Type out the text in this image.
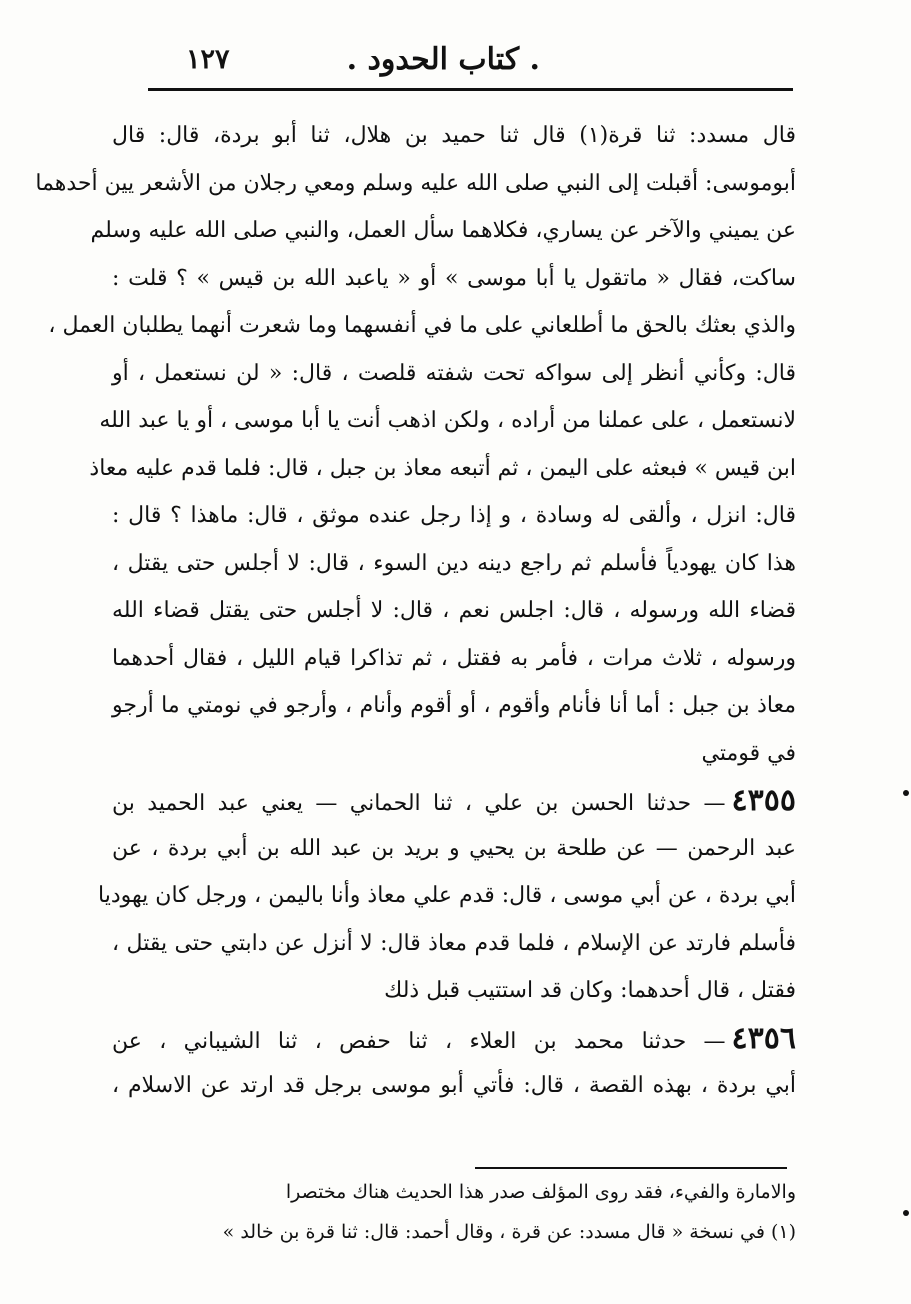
١٢٧	. كتاب الحدود .
قال مسدد: ثنا قرة(١) قال ثنا حميد بن هلال، ثنا أبو بردة، قال: قال
أبوموسى: أقبلت إلى النبي صلى الله عليه وسلم ومعي رجلان من الأشعر يين أحدهما
عن يميني والآخر عن يساري، فكلاهما سأل العمل، والنبي صلى الله عليه وسلم
ساكت، فقال « ماتقول يا أبا موسى » أو « ياعبد الله بن قيس » ؟ قلت :
والذي بعثك بالحق ما أطلعاني على ما في أنفسهما وما شعرت أنهما يطلبان العمل ،
قال: وكأني أنظر إلى سواكه تحت شفته قلصت ، قال: « لن نستعمل ، أو
لانستعمل ، على عملنا من أراده ، ولكن اذهب أنت يا أبا موسى ، أو يا عبد الله
ابن قيس » فبعثه على اليمن ، ثم أتبعه معاذ بن جبل ، قال: فلما قدم عليه معاذ
قال: انزل ، وألقى له وسادة ، و إذا رجل عنده موثق ، قال: ماهذا ؟ قال :
هذا كان يهودياً فأسلم ثم راجع دينه دين السوء ، قال: لا أجلس حتى يقتل ،
قضاء الله ورسوله ، قال: اجلس نعم ، قال: لا أجلس حتى يقتل قضاء الله
ورسوله ، ثلاث مرات ، فأمر به فقتل ، ثم تذاكرا قيام الليل ، فقال أحدهما
معاذ بن جبل : أما أنا فأنام وأقوم ، أو أقوم وأنام ، وأرجو في نومتي ما أرجو
في قومتي
٤٣٥٥— حدثنا الحسن بن علي ، ثنا الحماني — يعني عبد الحميد بن
عبد الرحمن — عن طلحة بن يحيي و بريد بن عبد الله بن أبي بردة ، عن
أبي بردة ، عن أبي موسى ، قال: قدم علي معاذ وأنا باليمن ، ورجل كان يهوديا
فأسلم فارتد عن الإسلام ، فلما قدم معاذ قال: لا أنزل عن دابتي حتى يقتل ،
فقتل ، قال أحدهما: وكان قد استتيب قبل ذلك
٤٣٥٦— حدثنا محمد بن العلاء ، ثنا حفص ، ثنا الشيباني ، عن
أبي بردة ، بهذه القصة ، قال: فأتي أبو موسى برجل قد ارتد عن الاسلام ،
والامارة والفيء، فقد روى المؤلف صدر هذا الحديث هناك مختصرا
(١) في نسخة « قال مسدد: عن قرة ، وقال أحمد: قال: ثنا قرة بن خالد »
